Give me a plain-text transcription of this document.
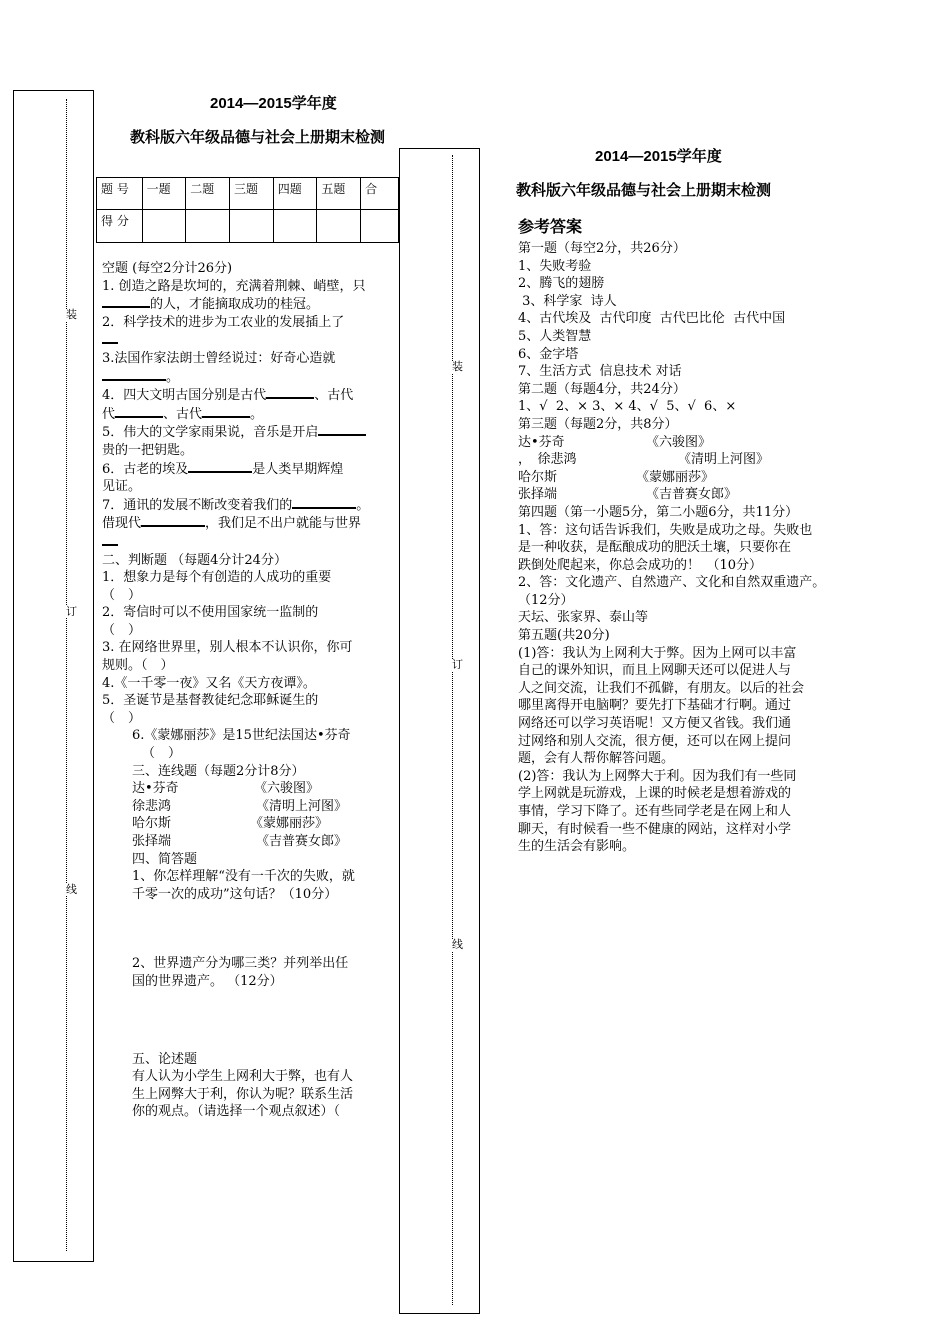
装
订
线
2014—2015学年度
教科版六年级品德与社会上册期末检测
题 号	一题	二题	三题	四题	五题	合
得 分						
空题 (每空2分计26分)
1. 创造之路是坎坷的，充满着荆棘、峭壁，只
的人，才能摘取成功的桂冠。
2．科学技术的进步为工农业的发展插上了
3.法国作家法朗士曾经说过：好奇心造就
。
4．四大文明古国分别是古代	、古代
代	、古代	。
5．伟大的文学家雨果说，音乐是开启
贵的一把钥匙。
6．古老的埃及	是人类早期辉煌
见证。
7．通讯的发展不断改变着我们的	。
借现代	，我们足不出户就能与世界
二、判断题 （每题4分计24分）
1．想象力是每个有创造的人成功的重要
（　）
2．寄信时可以不使用国家统一监制的
（　）
3. 在网络世界里，别人根本不认识你，你可
规则。（　）
4.《一千零一夜》又名《天方夜谭》。
5．圣诞节是基督教徒纪念耶稣诞生的
（　）
6.《蒙娜丽莎》是15世纪法国达•芬奇
（　）
三、连线题（每题2分计8分）
达•芬奇	《六骏图》
徐悲鸿	《清明上河图》
哈尔斯	《蒙娜丽莎》
张择端	《吉普赛女郎》
四、简答题
1、你怎样理解“没有一千次的失败，就
千零一次的成功”这句话？（10分）
2、世界遗产分为哪三类？并列举出任
国的世界遗产。 （12分）
五、论述题
有人认为小学生上网利大于弊，也有人
生上网弊大于利，你认为呢？联系生活
你的观点。（请选择一个观点叙述）（
装
订
线
2014—2015学年度
教科版六年级品德与社会上册期末检测
参考答案
第一题（每空2分，共26分）
1、失败考验
2、腾飞的翅膀
3、科学家  诗人
4、古代埃及  古代印度  古代巴比伦  古代中国
5、人类智慧
6、金字塔
7、生活方式  信息技术 对话
第二题（每题4分，共24分）
1、√  2、× 3、× 4、√  5、√  6、×
第三题（每题2分，共8分）
达•芬奇	《六骏图》
，　徐悲鸿	《清明上河图》
哈尔斯	《蒙娜丽莎》
张择端	《吉普赛女郎》
第四题（第一小题5分，第二小题6分，共11分）
1、答：这句话告诉我们，失败是成功之母。失败也
是一种收获，是酝酿成功的肥沃土壤，只要你在
跌倒处爬起来，你总会成功的！　（10分）
2、答：文化遗产、自然遗产、文化和自然双重遗产。
（12分）
天坛、张家界、泰山等
第五题(共20分)
(1)答：我认为上网利大于弊。因为上网可以丰富
自己的课外知识，而且上网聊天还可以促进人与
人之间交流，让我们不孤僻，有朋友。以后的社会
哪里离得开电脑啊？要先打下基础才行啊。通过
网络还可以学习英语呢！又方便又省钱。我们通
过网络和别人交流，很方便，还可以在网上提问
题，会有人帮你解答问题。
(2)答：我认为上网弊大于利。因为我们有一些同
学上网就是玩游戏，上课的时候老是想着游戏的
事情，学习下降了。还有些同学老是在网上和人
聊天，有时候看一些不健康的网站，这样对小学
生的生活会有影响。
